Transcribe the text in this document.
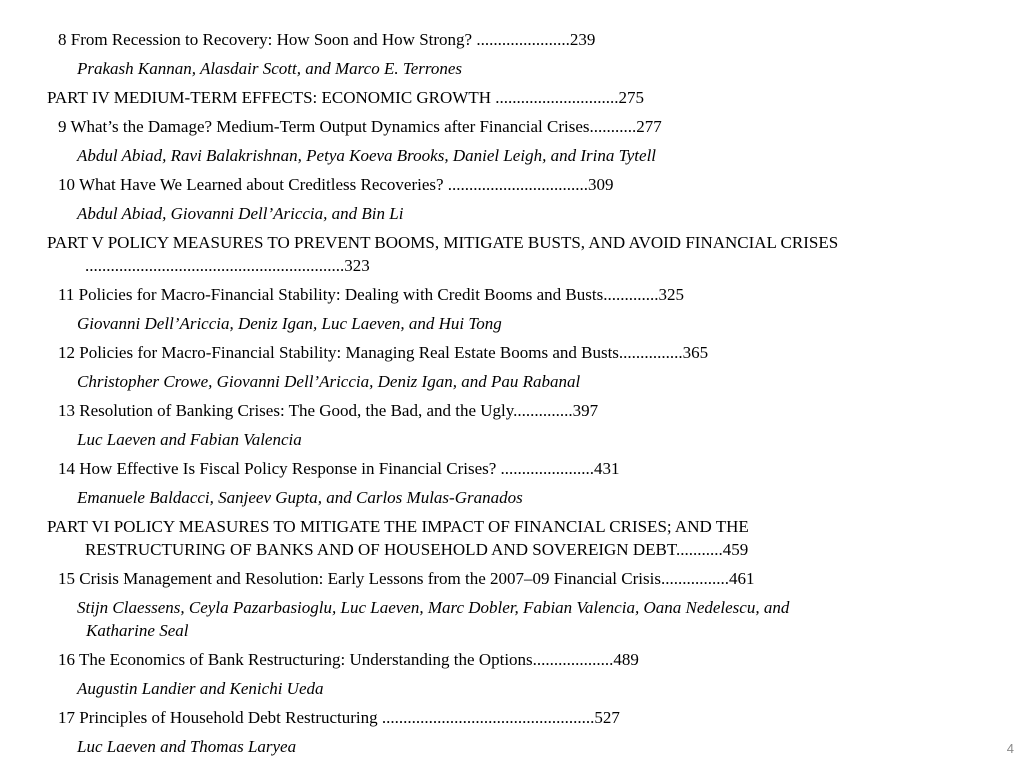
8 From Recession to Recovery: How Soon and How Strong? ......................239
Prakash Kannan, Alasdair Scott, and Marco E. Terrones
PART IV MEDIUM-TERM EFFECTS: ECONOMIC GROWTH .............................275
9 What’s the Damage? Medium-Term Output Dynamics after Financial Crises...........277
Abdul Abiad, Ravi Balakrishnan, Petya Koeva Brooks, Daniel Leigh, and Irina Tytell
10 What Have We Learned about Creditless Recoveries? .................................309
Abdul Abiad, Giovanni Dell’Ariccia, and Bin Li
PART V POLICY MEASURES TO PREVENT BOOMS, MITIGATE BUSTS, AND AVOID FINANCIAL CRISES
.............................................................323
11 Policies for Macro-Financial Stability: Dealing with Credit Booms and Busts.............325
Giovanni Dell’Ariccia, Deniz Igan, Luc Laeven, and Hui Tong
12 Policies for Macro-Financial Stability: Managing Real Estate Booms and Busts...............365
Christopher Crowe, Giovanni Dell’Ariccia, Deniz Igan, and Pau Rabanal
13 Resolution of Banking Crises: The Good, the Bad, and the Ugly..............397
Luc Laeven and Fabian Valencia
14 How Effective Is Fiscal Policy Response in Financial Crises? ......................431
Emanuele Baldacci, Sanjeev Gupta, and Carlos Mulas-Granados
PART VI POLICY MEASURES TO MITIGATE THE IMPACT OF FINANCIAL CRISES; AND THE
RESTRUCTURING OF BANKS AND OF HOUSEHOLD AND SOVEREIGN DEBT...........459
15 Crisis Management and Resolution: Early Lessons from the 2007–09 Financial Crisis................461
Stijn Claessens, Ceyla Pazarbasioglu, Luc Laeven, Marc Dobler, Fabian Valencia, Oana Nedelescu, and
Katharine Seal
16 The Economics of Bank Restructuring: Understanding the Options...................489
Augustin Landier and Kenichi Ueda
17 Principles of Household Debt Restructuring ..................................................527
Luc Laeven and Thomas Laryea	4
